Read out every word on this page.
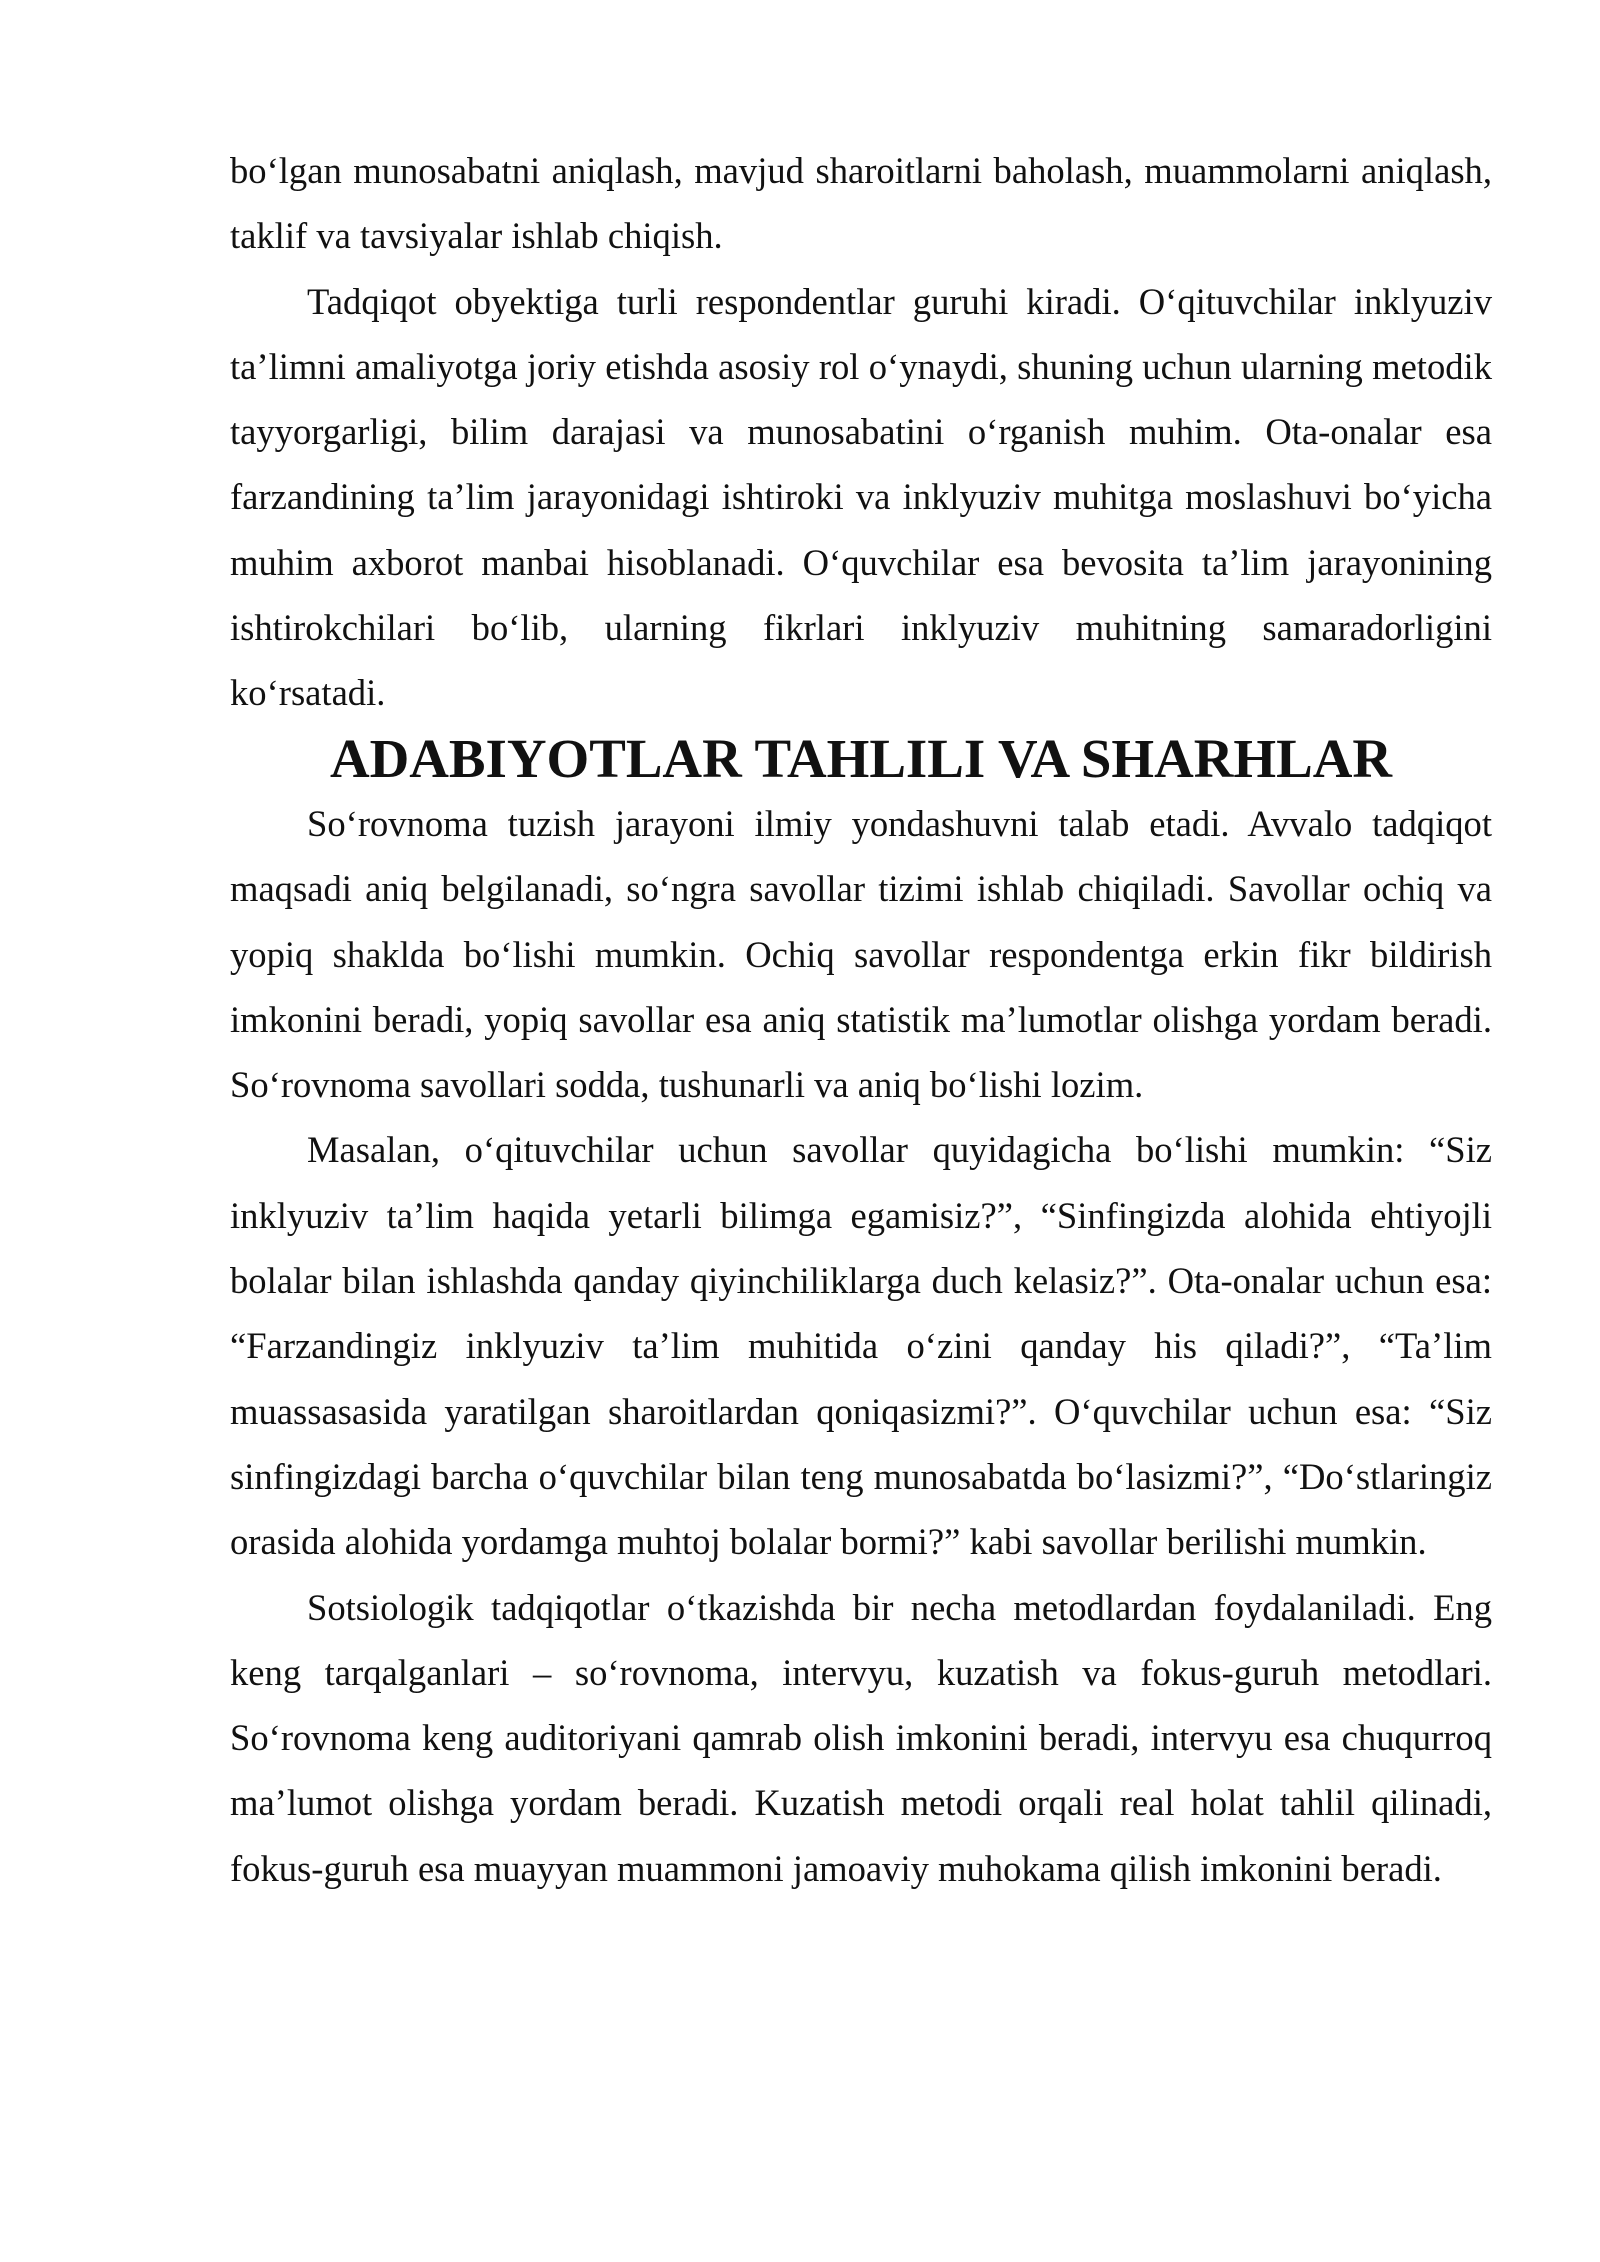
bo‘lgan munosabatni aniqlash, mavjud sharoitlarni baholash, muammolarni aniqlash, taklif va tavsiyalar ishlab chiqish.

Tadqiqot obyektiga turli respondentlar guruhi kiradi. O‘qituvchilar inklyuziv ta’limni amaliyotga joriy etishda asosiy rol o‘ynaydi, shuning uchun ularning metodik tayyorgarligi, bilim darajasi va munosabatini o‘rganish muhim. Ota-onalar esa farzandining ta’lim jarayonidagi ishtiroki va inklyuziv muhitga moslashuvi bo‘yicha muhim axborot manbai hisoblanadi. O‘quvchilar esa bevosita ta’lim jarayonining ishtirokchilari bo‘lib, ularning fikrlari inklyuziv muhitning samaradorligini ko‘rsatadi.

ADABIYOTLAR TAHLILI VA SHARHLAR

So‘rovnoma tuzish jarayoni ilmiy yondashuvni talab etadi. Avvalo tadqiqot maqsadi aniq belgilanadi, so‘ngra savollar tizimi ishlab chiqiladi. Savollar ochiq va yopiq shaklda bo‘lishi mumkin. Ochiq savollar respondentga erkin fikr bildirish imkonini beradi, yopiq savollar esa aniq statistik ma’lumotlar olishga yordam beradi. So‘rovnoma savollari sodda, tushunarli va aniq bo‘lishi lozim.

Masalan, o‘qituvchilar uchun savollar quyidagicha bo‘lishi mumkin: “Siz inklyuziv ta’lim haqida yetarli bilimga egamisiz?”, “Sinfingizda alohida ehtiyojli bolalar bilan ishlashda qanday qiyinchiliklarga duch kelasiz?”. Ota-onalar uchun esa: “Farzandingiz inklyuziv ta’lim muhitida o‘zini qanday his qiladi?”, “Ta’lim muassasasida yaratilgan sharoitlardan qoniqasizmi?”. O‘quvchilar uchun esa: “Siz sinfingizdagi barcha o‘quvchilar bilan teng munosabatda bo‘lasizmi?”, “Do‘stlaringiz orasida alohida yordamga muhtoj bolalar bormi?” kabi savollar berilishi mumkin.

Sotsiologik tadqiqotlar o‘tkazishda bir necha metodlardan foydalaniladi. Eng keng tarqalganlari – so‘rovnoma, intervyu, kuzatish va fokus-guruh metodlari. So‘rovnoma keng auditoriyani qamrab olish imkonini beradi, intervyu esa chuqurroq ma’lumot olishga yordam beradi. Kuzatish metodi orqali real holat tahlil qilinadi, fokus-guruh esa muayyan muammoni jamoaviy muhokama qilish imkonini beradi.
